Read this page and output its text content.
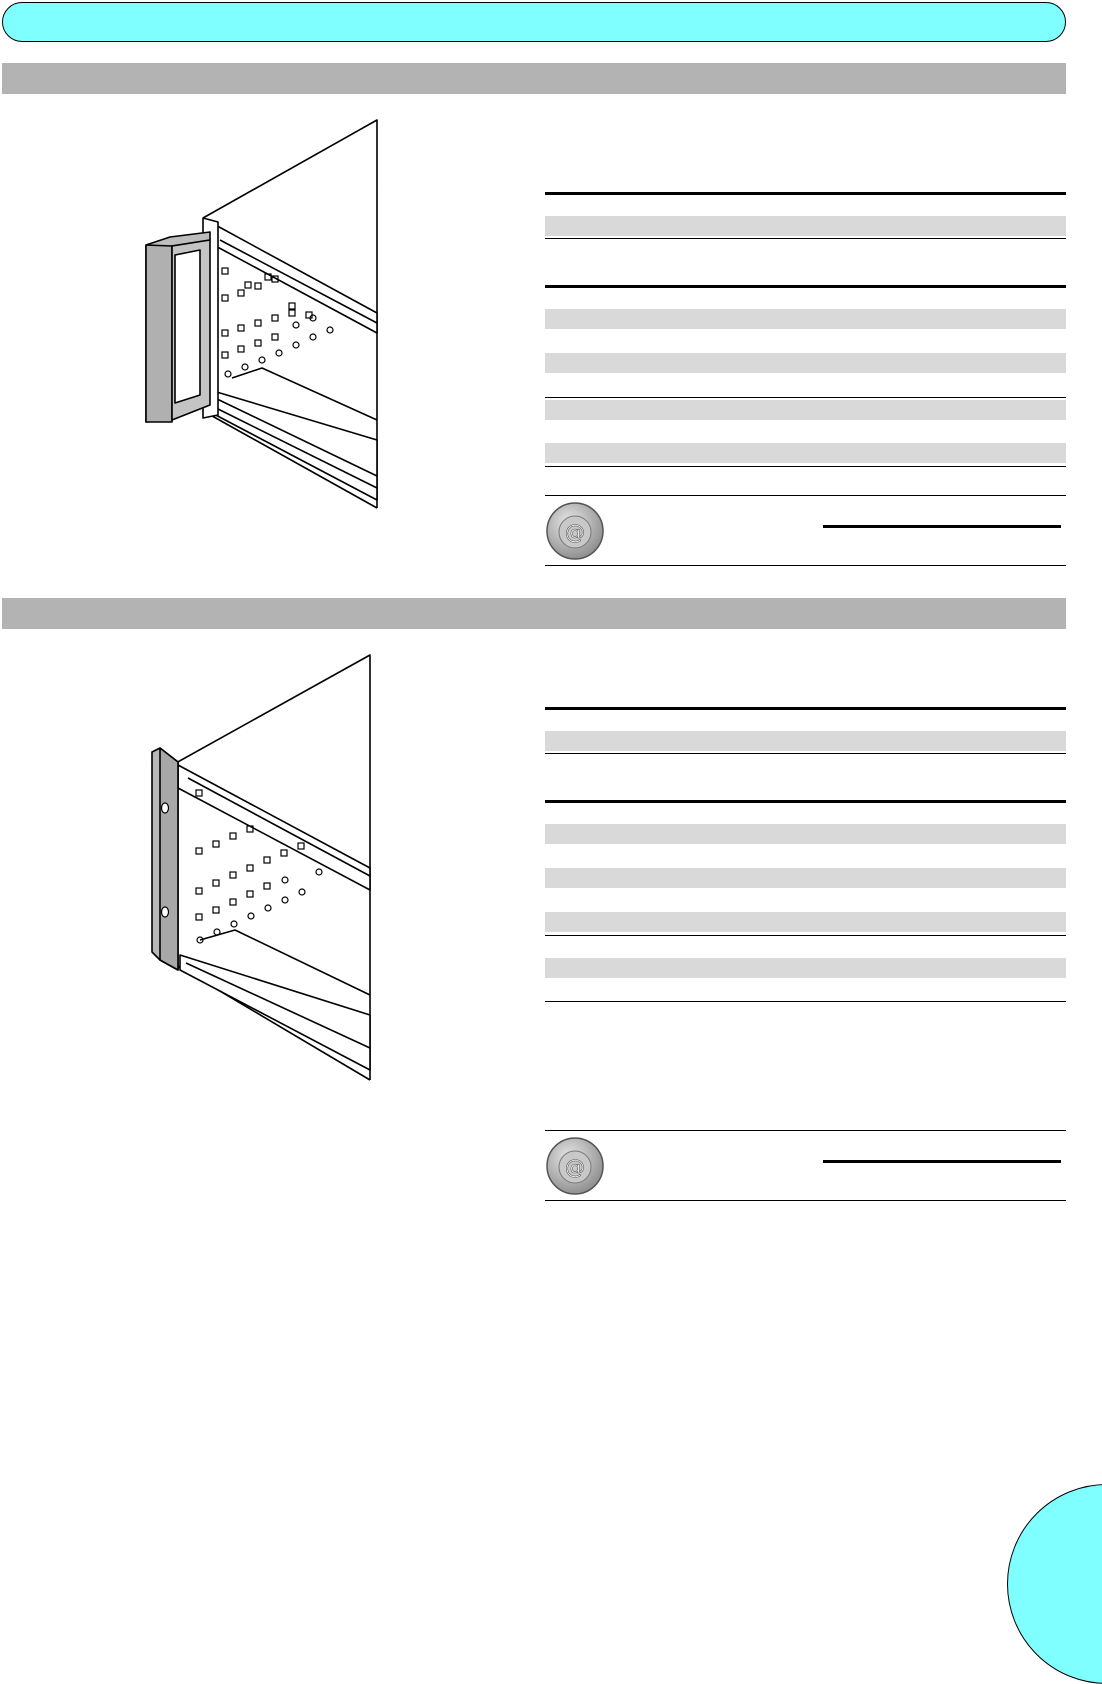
@
@
